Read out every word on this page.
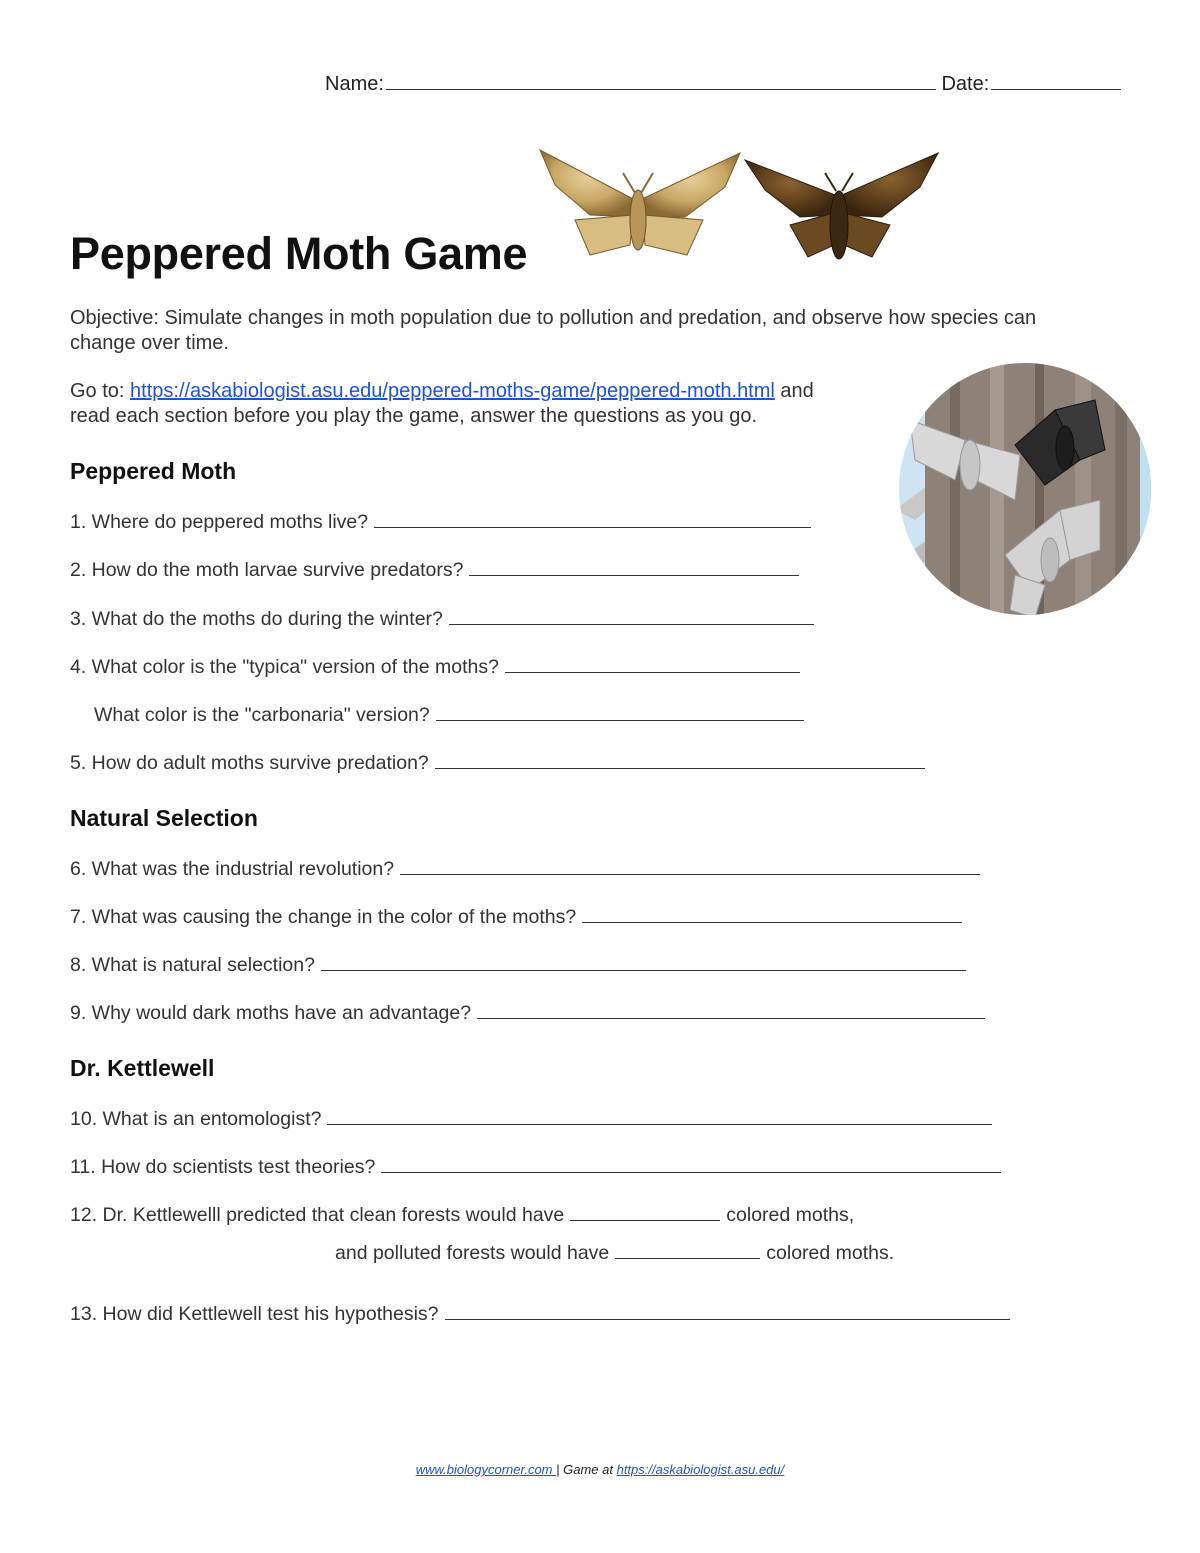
Name:	Date:
Peppered Moth Game
Objective: Simulate changes in moth population due to pollution and predation, and observe how species can
change over time.
Go to: https://askabiologist.asu.edu/peppered-moths-game/peppered-moth.html and
read each section before you play the game, answer the questions as you go.
Peppered Moth
1. Where do peppered moths live?
2. How do the moth larvae survive predators?
3. What do the moths do during the winter?
4. What color is the "typica" version of the moths?
What color is the "carbonaria" version?
5. How do adult moths survive predation?
Natural Selection
6. What was the industrial revolution?
7. What was causing the change in the color of the moths?
8. What is natural selection?
9. Why would dark moths have an advantage?
Dr. Kettlewell
10. What is an entomologist?
11. How do scientists test theories?
12. Dr. Kettlewelll predicted that clean forests would have	colored moths,
and polluted forests would have	colored moths.
13. How did Kettlewell test his hypothesis?
www.biologycorner.com | Game at https://askabiologist.asu.edu/
